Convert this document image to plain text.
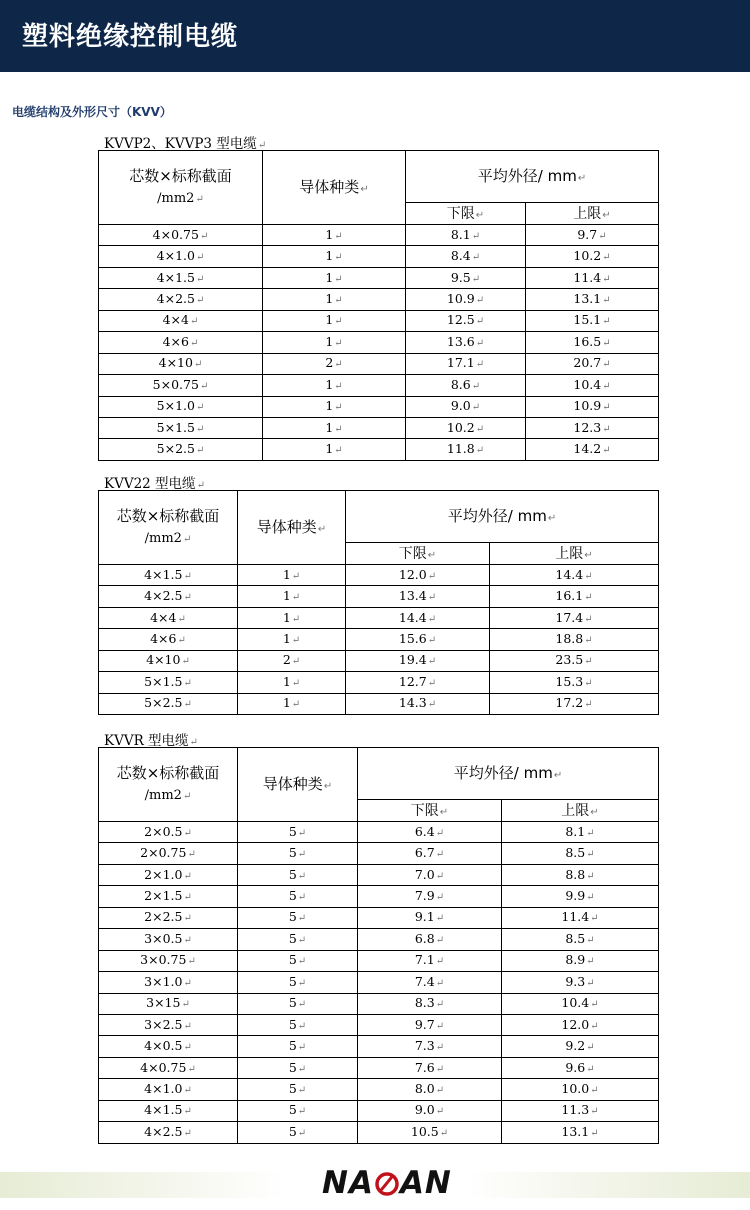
塑料绝缘控制电缆
电缆结构及外形尺寸（KVV）
KVVP2、KVVP3 型电缆↵
芯数×标称截面
/mm2↵	导体种类↵	平均外径/ mm↵	
		下限↵	上限↵
4×0.75↵	1↵	8.1↵	9.7↵
4×1.0↵	1↵	8.4↵	10.2↵
4×1.5↵	1↵	9.5↵	11.4↵
4×2.5↵	1↵	10.9↵	13.1↵
4×4↵	1↵	12.5↵	15.1↵
4×6↵	1↵	13.6↵	16.5↵
4×10↵	2↵	17.1↵	20.7↵
5×0.75↵	1↵	8.6↵	10.4↵
5×1.0↵	1↵	9.0↵	10.9↵
5×1.5↵	1↵	10.2↵	12.3↵
5×2.5↵	1↵	11.8↵	14.2↵
KVV22 型电缆↵
芯数×标称截面
/mm2↵	导体种类↵	平均外径/ mm↵	
		下限↵	上限↵
4×1.5↵	1↵	12.0↵	14.4↵
4×2.5↵	1↵	13.4↵	16.1↵
4×4↵	1↵	14.4↵	17.4↵
4×6↵	1↵	15.6↵	18.8↵
4×10↵	2↵	19.4↵	23.5↵
5×1.5↵	1↵	12.7↵	15.3↵
5×2.5↵	1↵	14.3↵	17.2↵
KVVR 型电缆↵
芯数×标称截面
/mm2↵	导体种类↵	平均外径/ mm↵	
		下限↵	上限↵
2×0.5↵	5↵	6.4↵	8.1↵
2×0.75↵	5↵	6.7↵	8.5↵
2×1.0↵	5↵	7.0↵	8.8↵
2×1.5↵	5↵	7.9↵	9.9↵
2×2.5↵	5↵	9.1↵	11.4↵
3×0.5↵	5↵	6.8↵	8.5↵
3×0.75↵	5↵	7.1↵	8.9↵
3×1.0↵	5↵	7.4↵	9.3↵
3×15↵	5↵	8.3↵	10.4↵
3×2.5↵	5↵	9.7↵	12.0↵
4×0.5↵	5↵	7.3↵	9.2↵
4×0.75↵	5↵	7.6↵	9.6↵
4×1.0↵	5↵	8.0↵	10.0↵
4×1.5↵	5↵	9.0↵	11.3↵
4×2.5↵	5↵	10.5↵	13.1↵
NA AN
